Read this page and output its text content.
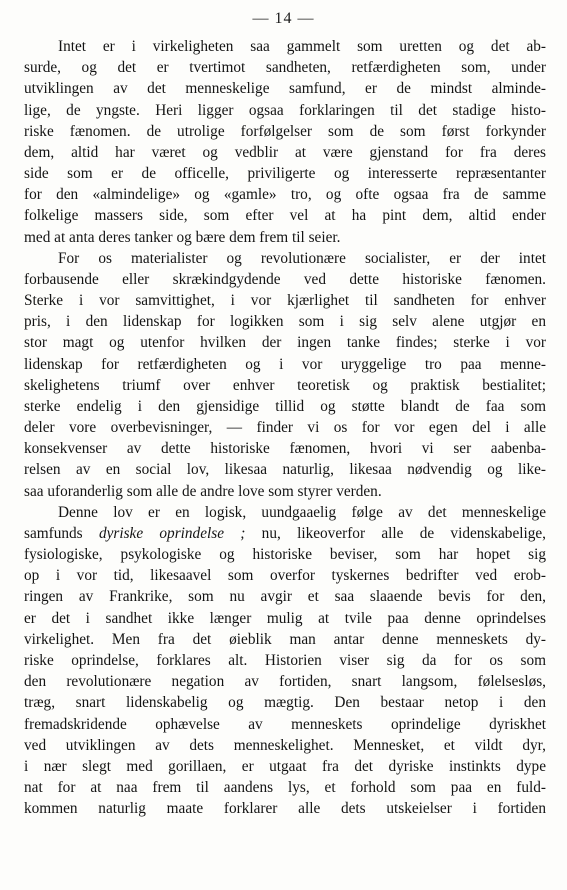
— 14 —
Intet er i virkeligheten saa gammelt som uretten og det ab-
surde, og det er tvertimot sandheten, retfærdigheten som, under
utviklingen av det menneskelige samfund, er de mindst alminde-
lige, de yngste. Heri ligger ogsaa forklaringen til det stadige histo-
riske fænomen. de utrolige forfølgelser som de som først forkynder
dem, altid har været og vedblir at være gjenstand for fra deres
side som er de officelle, priviligerte og interesserte repræsentanter
for den «almindelige» og «gamle» tro, og ofte ogsaa fra de samme
folkelige massers side, som efter vel at ha pint dem, altid ender
med at anta deres tanker og bære dem frem til seier.
For os materialister og revolutionære socialister, er der intet
forbausende eller skrækindgydende ved dette historiske fænomen.
Sterke i vor samvittighet, i vor kjærlighet til sandheten for enhver
pris, i den lidenskap for logikken som i sig selv alene utgjør en
stor magt og utenfor hvilken der ingen tanke findes; sterke i vor
lidenskap for retfærdigheten og i vor uryggelige tro paa menne-
skelighetens triumf over enhver teoretisk og praktisk bestialitet;
sterke endelig i den gjensidige tillid og støtte blandt de faa som
deler vore overbevisninger, — finder vi os for vor egen del i alle
konsekvenser av dette historiske fænomen, hvori vi ser aabenba-
relsen av en social lov, likesaa naturlig, likesaa nødvendig og like-
saa uforanderlig som alle de andre love som styrer verden.
Denne lov er en logisk, uundgaaelig følge av det menneskelige
samfunds dyriske oprindelse ; nu, likeoverfor alle de videnskabelige,
fysiologiske, psykologiske og historiske beviser, som har hopet sig
op i vor tid, likesaavel som overfor tyskernes bedrifter ved erob-
ringen av Frankrike, som nu avgir et saa slaaende bevis for den,
er det i sandhet ikke længer mulig at tvile paa denne oprindelses
virkelighet. Men fra det øieblik man antar denne menneskets dy-
riske oprindelse, forklares alt. Historien viser sig da for os som
den revolutionære negation av fortiden, snart langsom, følelsesløs,
træg, snart lidenskabelig og mægtig. Den bestaar netop i den
fremadskridende ophævelse av menneskets oprindelige dyriskhet
ved utviklingen av dets menneskelighet. Mennesket, et vildt dyr,
i nær slegt med gorillaen, er utgaat fra det dyriske instinkts dype
nat for at naa frem til aandens lys, et forhold som paa en fuld-
kommen naturlig maate forklarer alle dets utskeielser i fortiden
